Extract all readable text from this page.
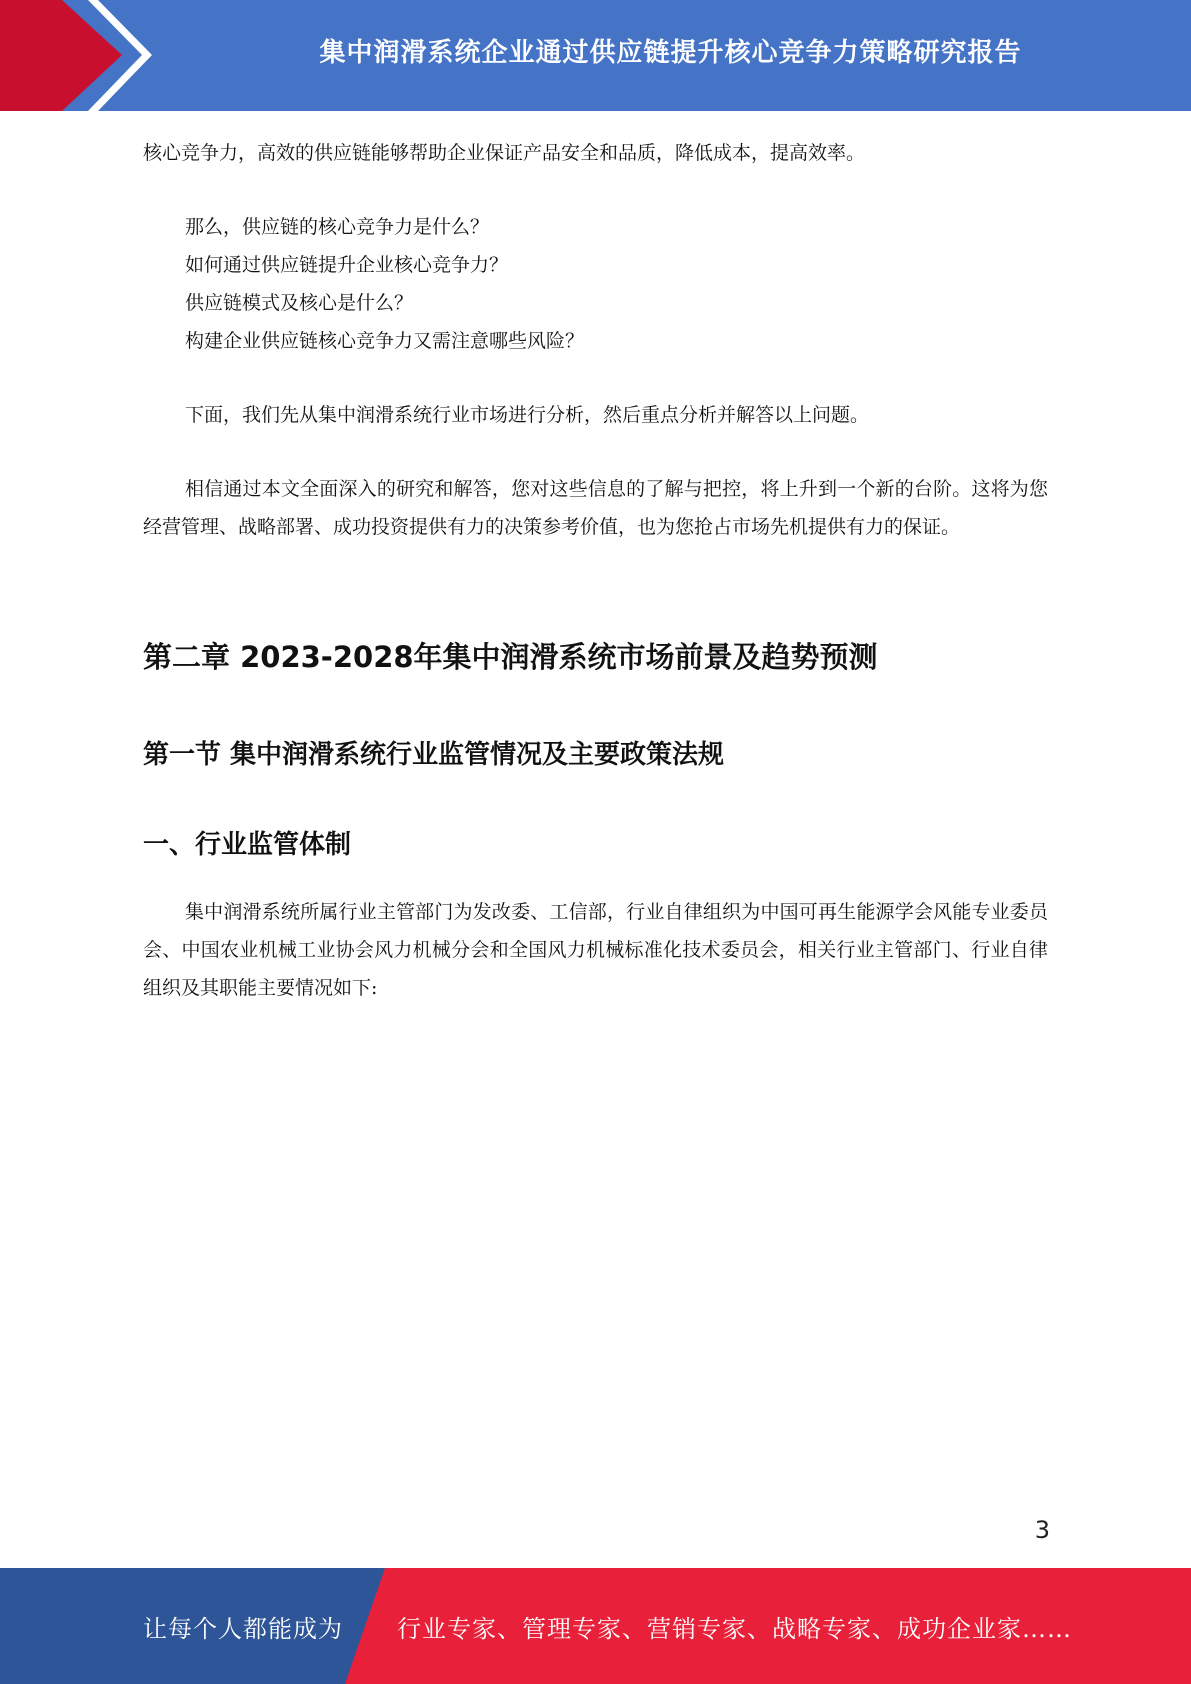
集中润滑系统企业通过供应链提升核心竞争力策略研究报告

核心竞争力，高效的供应链能够帮助企业保证产品安全和品质，降低成本，提高效率。

那么，供应链的核心竞争力是什么？

如何通过供应链提升企业核心竞争力？

供应链模式及核心是什么？

构建企业供应链核心竞争力又需注意哪些风险？

下面，我们先从集中润滑系统行业市场进行分析，然后重点分析并解答以上问题。

相信通过本文全面深入的研究和解答，您对这些信息的了解与把控，将上升到一个新的台阶。这将为您经营管理、战略部署、成功投资提供有力的决策参考价值，也为您抢占市场先机提供有力的保证。

第二章 2023-2028年集中润滑系统市场前景及趋势预测
第一节 集中润滑系统行业监管情况及主要政策法规
一、行业监管体制

集中润滑系统所属行业主管部门为发改委、工信部，行业自律组织为中国可再生能源学会风能专业委员会、中国农业机械工业协会风力机械分会和全国风力机械标准化技术委员会，相关行业主管部门、行业自律组织及其职能主要情况如下:

3
让每个人都能成为 行业专家、管理专家、营销专家、战略专家、成功企业家……
